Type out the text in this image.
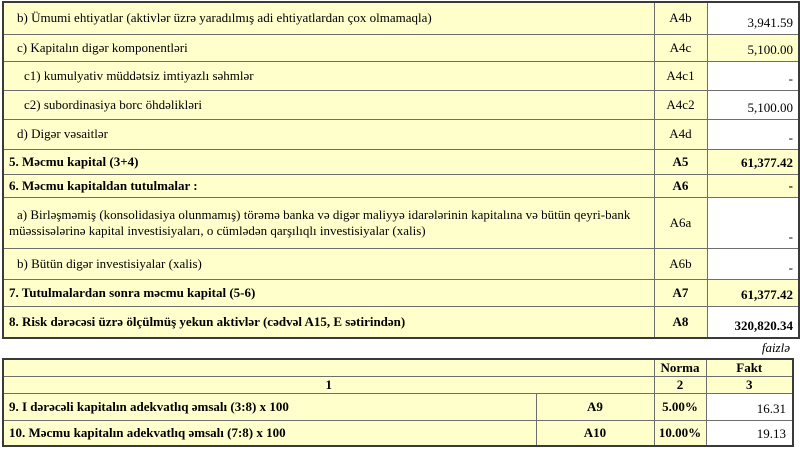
b) Ümumi ehtiyatlar (aktivlər üzrə yaradılmış adi ehtiyatlardan çox olmamaqla)	A4b	3,941.59
c) Kapitalın digər komponentləri	A4c	5,100.00
c1) kumulyativ müddətsiz imtiyazlı səhmlər	A4c1	-
c2) subordinasiya borc öhdəlikləri	A4c2	5,100.00
d) Digər vəsaitlər	A4d	-
5. Məcmu kapital (3+4)	A5	61,377.42
6. Məcmu kapitaldan tutulmalar :	A6	-
a) Birləşməmiş (konsolidasiya olunmamış) törəmə banka və digər maliyyə idarələrinin kapitalına və bütün qeyri-bank müəssisələrinə kapital investisiyaları, o cümlədən qarşılıqlı investisiyalar (xalis)	A6a	-
b) Bütün digər investisiyalar (xalis)	A6b	-
7. Tutulmalardan sonra məcmu kapital (5-6)	A7	61,377.42
8. Risk dərəcəsi üzrə ölçülmüş yekun aktivlər (cədvəl A15, E sətirindən)	A8	320,820.34
faizlə
		Norma	Fakt
1		2	3
9. I dərəcəli kapitalın adekvatlıq əmsalı (3:8) x 100	A9	5.00%	16.31
10. Məcmu kapitalın adekvatlıq əmsalı (7:8) x 100	A10	10.00%	19.13
